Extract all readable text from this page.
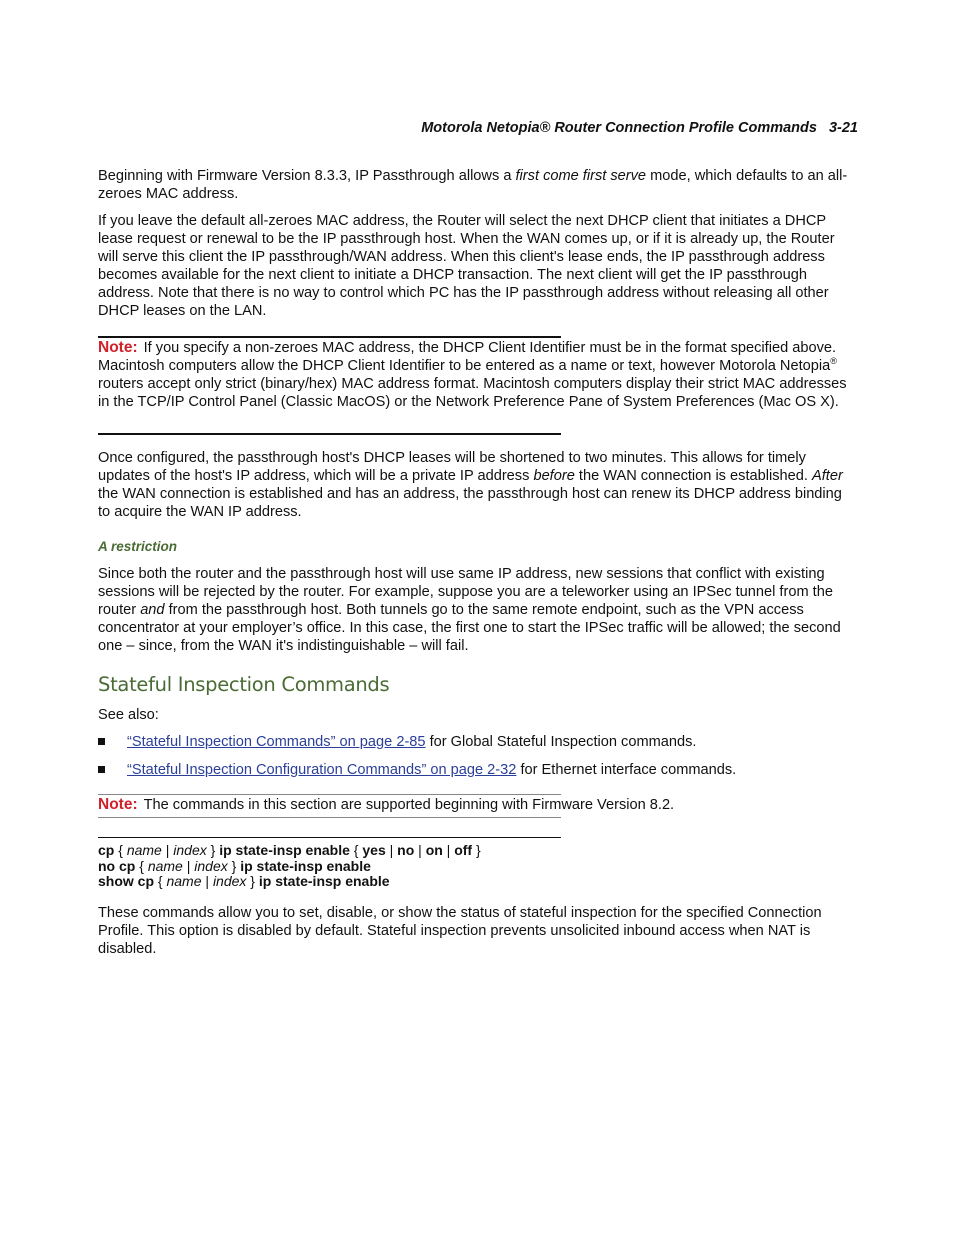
Motorola Netopia® Router Connection Profile Commands 3-21

Beginning with Firmware Version 8.3.3, IP Passthrough allows a first come first serve mode, which defaults to an all-zeroes MAC address.

If you leave the default all-zeroes MAC address, the Router will select the next DHCP client that initiates a DHCP lease request or renewal to be the IP passthrough host. When the WAN comes up, or if it is already up, the Router will serve this client the IP passthrough/WAN address. When this client's lease ends, the IP passthrough address becomes available for the next client to initiate a DHCP transaction. The next client will get the IP passthrough address. Note that there is no way to control which PC has the IP passthrough address without releasing all other DHCP leases on the LAN.

Note: If you specify a non-zeroes MAC address, the DHCP Client Identifier must be in the format specified above. Macintosh computers allow the DHCP Client Identifier to be entered as a name or text, however Motorola Netopia® routers accept only strict (binary/hex) MAC address format. Macintosh computers display their strict MAC addresses in the TCP/IP Control Panel (Classic MacOS) or the Network Preference Pane of System Preferences (Mac OS X).

Once configured, the passthrough host's DHCP leases will be shortened to two minutes. This allows for timely updates of the host's IP address, which will be a private IP address before the WAN connection is established. After the WAN connection is established and has an address, the passthrough host can renew its DHCP address binding to acquire the WAN IP address.

A restriction

Since both the router and the passthrough host will use same IP address, new sessions that conflict with existing sessions will be rejected by the router. For example, suppose you are a teleworker using an IPSec tunnel from the router and from the passthrough host. Both tunnels go to the same remote endpoint, such as the VPN access concentrator at your employer’s office. In this case, the first one to start the IPSec traffic will be allowed; the second one – since, from the WAN it's indistinguishable – will fail.

Stateful Inspection Commands

See also:

“Stateful Inspection Commands” on page 2-85 for Global Stateful Inspection commands.
“Stateful Inspection Configuration Commands” on page 2-32 for Ethernet interface commands.

Note: The commands in this section are supported beginning with Firmware Version 8.2.

cp { name | index } ip state-insp enable { yes | no | on | off }
no cp { name | index } ip state-insp enable
show cp { name | index } ip state-insp enable

These commands allow you to set, disable, or show the status of stateful inspection for the specified Connection Profile. This option is disabled by default. Stateful inspection prevents unsolicited inbound access when NAT is disabled.
